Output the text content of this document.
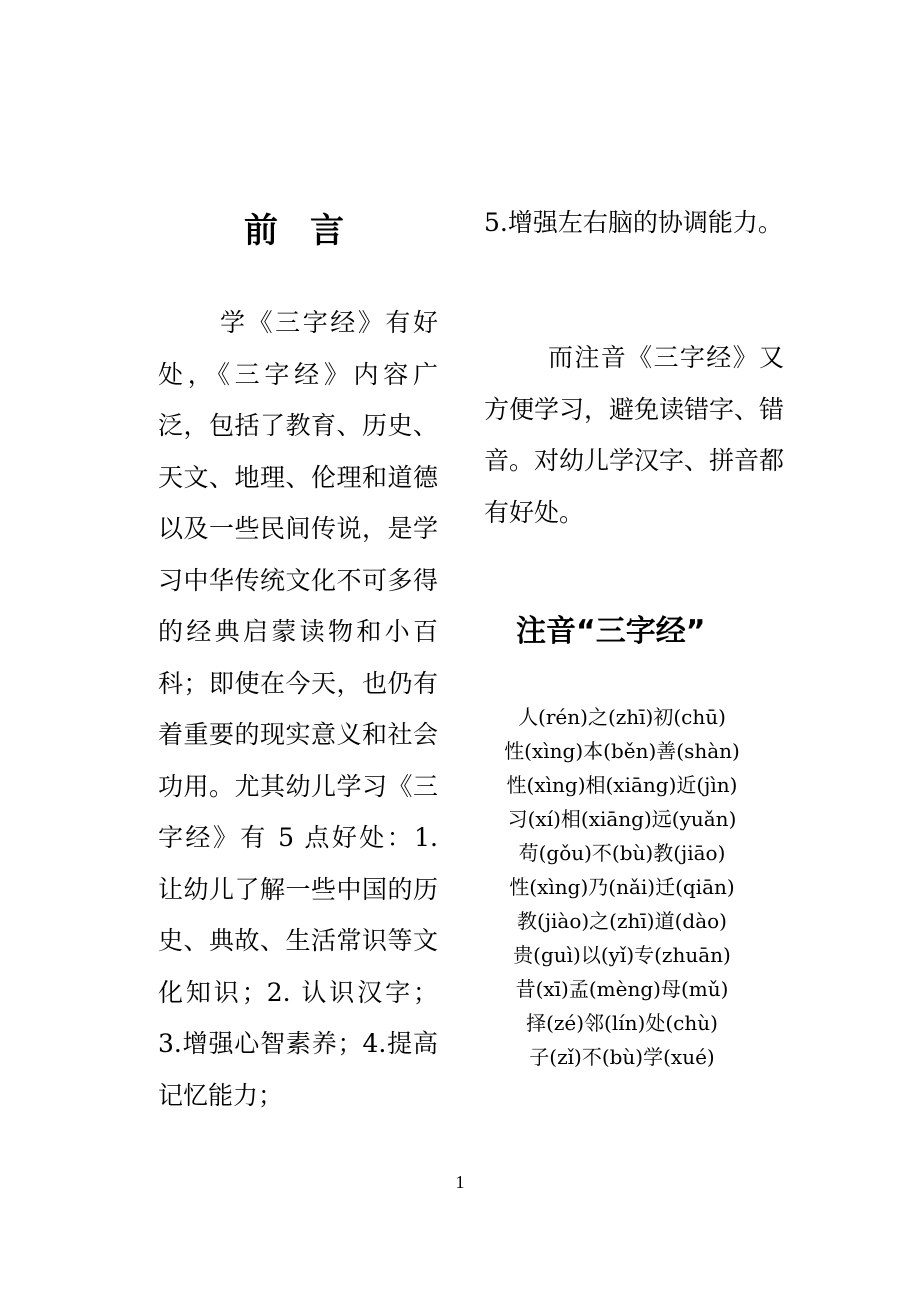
前言

学《三字经》有好处，《三字经》内容广泛，包括了教育、历史、天文、地理、伦理和道德以及一些民间传说，是学习中华传统文化不可多得的经典启蒙读物和小百科；即使在今天，也仍有着重要的现实意义和社会功用。尤其幼儿学习《三字经》有 5 点好处：1. 让幼儿了解一些中国的历史、典故、生活常识等文化知识；2. 认识汉字；3.增强心智素养；4.提高记忆能力；

5.增强左右脑的协调能力。

而注音《三字经》又方便学习，避免读错字、错音。对幼儿学汉字、拼音都有好处。

注音“三字经”
人(rén)之(zhī)初(chū)
性(xìng)本(běn)善(shàn)
性(xìng)相(xiāng)近(jìn)
习(xí)相(xiāng)远(yuǎn)
苟(gǒu)不(bù)教(jiāo)
性(xìng)乃(nǎi)迁(qiān)
教(jiào)之(zhī)道(dào)
贵(guì)以(yǐ)专(zhuān)
昔(xī)孟(mèng)母(mǔ)
择(zé)邻(lín)处(chù)
子(zǐ)不(bù)学(xué)
1
